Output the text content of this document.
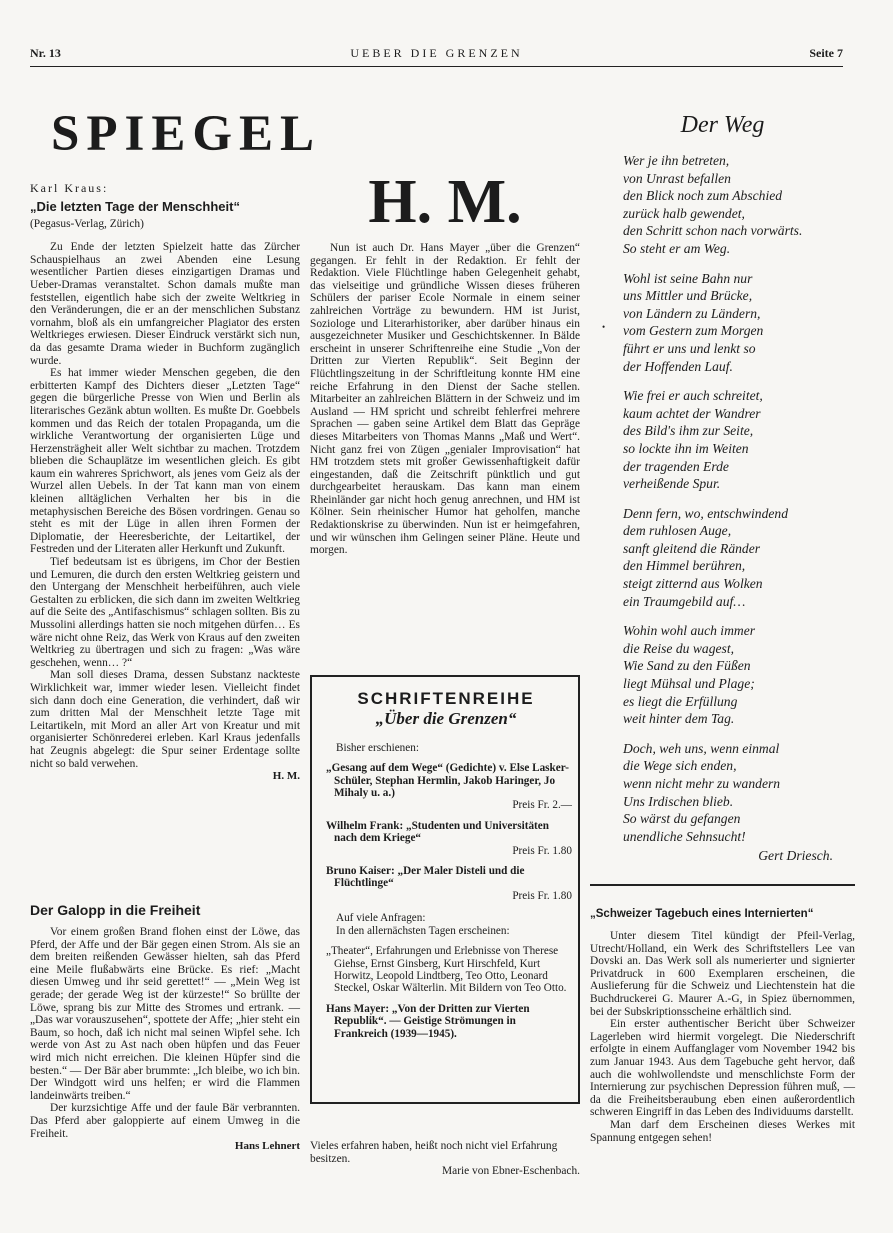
Nr. 13	UEBER DIE GRENZEN	Seite 7
SPIEGEL
Karl Kraus:
„Die letzten Tage der Menschheit“
(Pegasus-Verlag, Zürich)

Zu Ende der letzten Spielzeit hatte das Zürcher Schauspielhaus an zwei Abenden eine Lesung wesentlicher Partien dieses einzigartigen Dramas und Ueber-Dramas veranstaltet. Schon damals mußte man feststellen, eigentlich habe sich der zweite Weltkrieg in den Veränderungen, die er an der menschlichen Substanz vornahm, bloß als ein umfangreicher Plagiator des ersten Weltkrieges erwiesen. Dieser Eindruck verstärkt sich nun, da das gesamte Drama wieder in Buchform zugänglich wurde.

Es hat immer wieder Menschen gegeben, die den erbitterten Kampf des Dichters dieser „Letzten Tage“ gegen die bürgerliche Presse von Wien und Berlin als literarisches Gezänk abtun wollten. Es mußte Dr. Goebbels kommen und das Reich der totalen Propaganda, um die wirkliche Verantwortung der organisierten Lüge und Herzensträgheit aller Welt sichtbar zu machen. Trotzdem blieben die Schauplätze im wesentlichen gleich. Es gibt kaum ein wahreres Sprichwort, als jenes vom Geiz als der Wurzel allen Uebels. In der Tat kann man von einem kleinen alltäglichen Verhalten her bis in die metaphysischen Bereiche des Bösen vordringen. Genau so steht es mit der Lüge in allen ihren Formen der Diplomatie, der Heeresberichte, der Leitartikel, der Festreden und der Literaten aller Herkunft und Zukunft.

Tief bedeutsam ist es übrigens, im Chor der Bestien und Lemuren, die durch den ersten Weltkrieg geistern und den Untergang der Menschheit herbeiführen, auch viele Gestalten zu erblicken, die sich dann im zweiten Weltkrieg auf die Seite des „Antifaschismus“ schlagen sollten. Bis zu Mussolini allerdings hatten sie noch mitgehen dürfen… Es wäre nicht ohne Reiz, das Werk von Kraus auf den zweiten Weltkrieg zu übertragen und sich zu fragen: „Was wäre geschehen, wenn… ?“

Man soll dieses Drama, dessen Substanz nackteste Wirklichkeit war, immer wieder lesen. Vielleicht findet sich dann doch eine Generation, die verhindert, daß wir zum dritten Mal der Menschheit letzte Tage mit Leitartikeln, mit Mord an aller Art von Kreatur und mit organisierter Schönrederei erleben. Karl Kraus jedenfalls hat Zeugnis abgelegt: die Spur seiner Erdentage sollte nicht so bald verwehen.

H. M.
Der Galopp in die Freiheit

Vor einem großen Brand flohen einst der Löwe, das Pferd, der Affe und der Bär gegen einen Strom. Als sie an dem breiten reißenden Gewässer hielten, sah das Pferd eine Meile flußabwärts eine Brücke. Es rief: „Macht diesen Umweg und ihr seid gerettet!“ — „Mein Weg ist gerade; der gerade Weg ist der kürzeste!“ So brüllte der Löwe, sprang bis zur Mitte des Stromes und ertrank. — „Das war vorauszusehen“, spottete der Affe; „hier steht ein Baum, so hoch, daß ich nicht mal seinen Wipfel sehe. Ich werde von Ast zu Ast nach oben hüpfen und das Feuer wird mich nicht erreichen. Die kleinen Hüpfer sind die besten.“ — Der Bär aber brummte: „Ich bleibe, wo ich bin. Der Windgott wird uns helfen; er wird die Flammen landeinwärts treiben.“

Der kurzsichtige Affe und der faule Bär verbrannten. Das Pferd aber galoppierte auf einem Umweg in die Freiheit.

Hans Lehnert
H. M.

Nun ist auch Dr. Hans Mayer „über die Grenzen“ gegangen. Er fehlt in der Redaktion. Er fehlt der Redaktion. Viele Flüchtlinge haben Gelegenheit gehabt, das vielseitige und gründliche Wissen dieses früheren Schülers der pariser Ecole Normale in einem seiner zahlreichen Vorträge zu bewundern. HM ist Jurist, Soziologe und Literarhistoriker, aber darüber hinaus ein ausgezeichneter Musiker und Geschichtskenner. In Bälde erscheint in unserer Schriftenreihe eine Studie „Von der Dritten zur Vierten Republik“. Seit Beginn der Flüchtlingszeitung in der Schriftleitung konnte HM eine reiche Erfahrung in den Dienst der Sache stellen. Mitarbeiter an zahlreichen Blättern in der Schweiz und im Ausland — HM spricht und schreibt fehlerfrei mehrere Sprachen — gaben seine Artikel dem Blatt das Gepräge dieses Mitarbeiters von Thomas Manns „Maß und Wert“. Nicht ganz frei von Zügen „genialer Improvisation“ hat HM trotzdem stets mit großer Gewissenhaftigkeit dafür eingestanden, daß die Zeitschrift pünktlich und gut durchgearbeitet herauskam. Das kann man einem Rheinländer gar nicht hoch genug anrechnen, und HM ist Kölner. Sein rheinischer Humor hat geholfen, manche Redaktionskrise zu überwinden. Nun ist er heimgefahren, und wir wünschen ihm Gelingen seiner Pläne. Heute und morgen.

SCHRIFTENREIHE
„Über die Grenzen“
Bisher erschienen:
„Gesang auf dem Wege“ (Gedichte) v. Else Lasker-Schüler, Stephan Hermlin, Jakob Haringer, Jo Mihaly u. a.)
Preis Fr. 2.—
Wilhelm Frank: „Studenten und Universitäten nach dem Kriege“
Preis Fr. 1.80
Bruno Kaiser: „Der Maler Disteli und die Flüchtlinge“
Preis Fr. 1.80
Auf viele Anfragen:
In den allernächsten Tagen erscheinen:
„Theater“, Erfahrungen und Erlebnisse von Therese Giehse, Ernst Ginsberg, Kurt Hirschfeld, Kurt Horwitz, Leopold Lindtberg, Teo Otto, Leonard Steckel, Oskar Wälterlin. Mit Bildern von Teo Otto.
Hans Mayer: „Von der Dritten zur Vierten Republik“. — Geistige Strömungen in Frankreich (1939—1945).
Vieles erfahren haben, heißt noch nicht viel Erfahrung besitzen.
Marie von Ebner-Eschenbach.
Der Weg
•
Wer je ihn betreten,
von Unrast befallen
den Blick noch zum Abschied
zurück halb gewendet,
den Schritt schon nach vorwärts.
So steht er am Weg.
Wohl ist seine Bahn nur
uns Mittler und Brücke,
von Ländern zu Ländern,
vom Gestern zum Morgen
führt er uns und lenkt so
der Hoffenden Lauf.
Wie frei er auch schreitet,
kaum achtet der Wandrer
des Bild's ihm zur Seite,
so lockte ihn im Weiten
der tragenden Erde
verheißende Spur.
Denn fern, wo, entschwindend
dem ruhlosen Auge,
sanft gleitend die Ränder
den Himmel berühren,
steigt zitternd aus Wolken
ein Traumgebild auf…
Wohin wohl auch immer
die Reise du wagest,
Wie Sand zu den Füßen
liegt Mühsal und Plage;
es liegt die Erfüllung
weit hinter dem Tag.
Doch, weh uns, wenn einmal
die Wege sich enden,
wenn nicht mehr zu wandern
Uns Irdischen blieb.
So wärst du gefangen
unendliche Sehnsucht!
Gert Driesch.
„Schweizer Tagebuch eines Internierten“

Unter diesem Titel kündigt der Pfeil-Verlag, Utrecht/Holland, ein Werk des Schriftstellers Lee van Dovski an. Das Werk soll als numerierter und signierter Privatdruck in 600 Exemplaren erscheinen, die Auslieferung für die Schweiz und Liechtenstein hat die Buchdruckerei G. Maurer A.-G, in Spiez übernommen, bei der Subskriptionsscheine erhältlich sind.

Ein erster authentischer Bericht über Schweizer Lagerleben wird hiermit vorgelegt. Die Niederschrift erfolgte in einem Auffanglager vom November 1942 bis zum Januar 1943. Aus dem Tagebuche geht hervor, daß auch die wohlwollendste und menschlichste Form der Internierung zur psychischen Depression führen muß, — da die Freiheitsberaubung eben einen außerordentlich schweren Eingriff in das Leben des Individuums darstellt.

Man darf dem Erscheinen dieses Werkes mit Spannung entgegen sehen!
